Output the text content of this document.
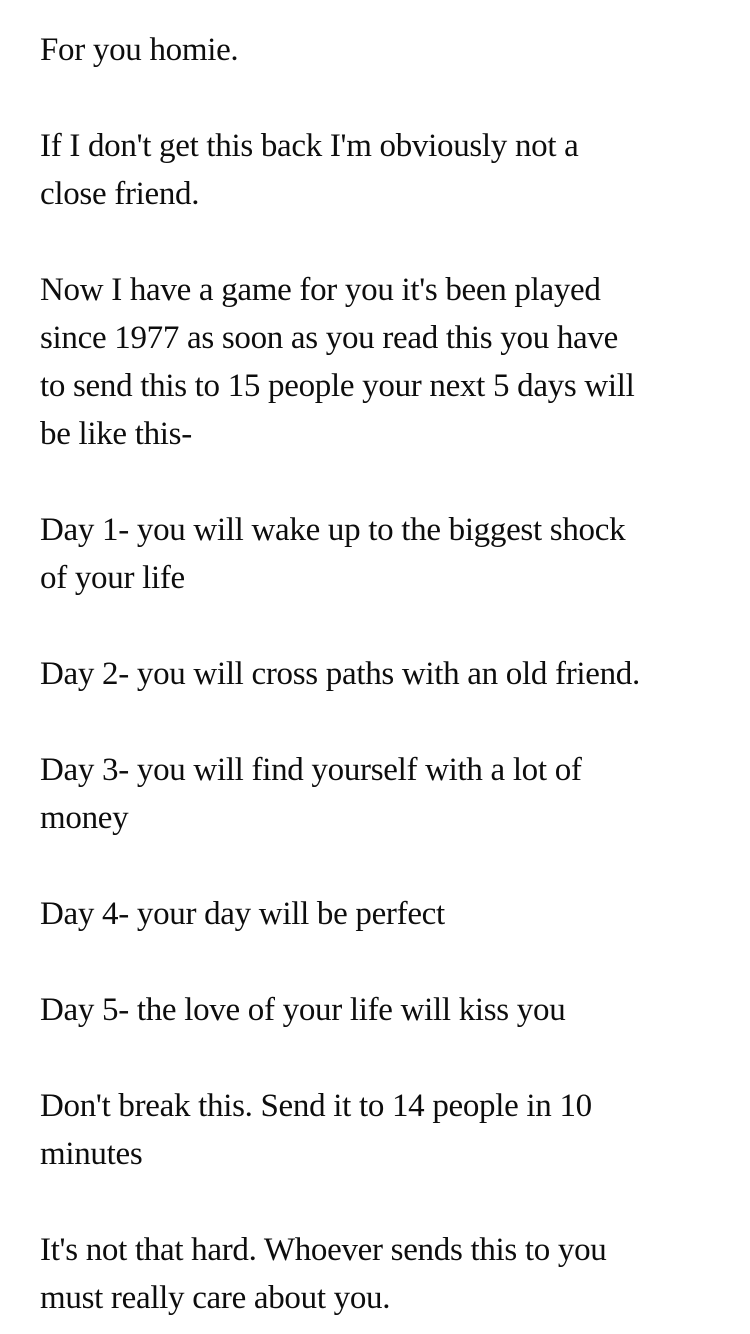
For you homie.

If I don't get this back I'm obviously not a
close friend.

Now I have a game for you it's been played
since 1977 as soon as you read this you have
to send this to 15 people your next 5 days will
be like this-

Day 1- you will wake up to the biggest shock
of your life

Day 2- you will cross paths with an old friend.

Day 3- you will find yourself with a lot of
money

Day 4- your day will be perfect

Day 5- the love of your life will kiss you

Don't break this. Send it to 14 people in 10
minutes

It's not that hard. Whoever sends this to you
must really care about you.
